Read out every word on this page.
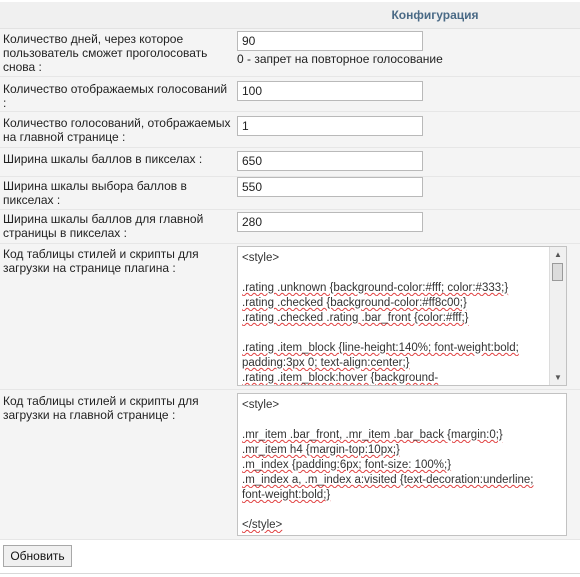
Конфигурация
Количество дней, через которое пользователь сможет проголосовать снова :
90
0 - запрет на повторное голосование
Количество отображаемых голосований :
100
Количество голосований, отображаемых на главной странице :
1
Ширина шкалы баллов в пикселах :
650
Ширина шкалы выбора баллов в пикселах :
550
Ширина шкалы баллов для главной страницы в пикселах :
280
Код таблицы стилей и скрипты для загрузки на странице плагина :
<style>
.rating .unknown {background-color:#fff; color:#333;}
.rating .checked {background-color:#ff8c00;}
.rating .checked .rating .bar_front {color:#fff;}
.rating .item_block {line-height:140%; font-weight:bold;
padding:3px 0; text-align:center;}
.rating .item_block:hover {background-
▲
▼
Код таблицы стилей и скрипты для загрузки на главной странице :
<style>
.mr_item .bar_front, .mr_item .bar_back {margin:0;}
.mr_item h4 {margin-top:10px;}
.m_index {padding:6px; font-size: 100%;}
.m_index a, .m_index a:visited {text-decoration:underline;
font-weight:bold;}
</style>
Обновить
